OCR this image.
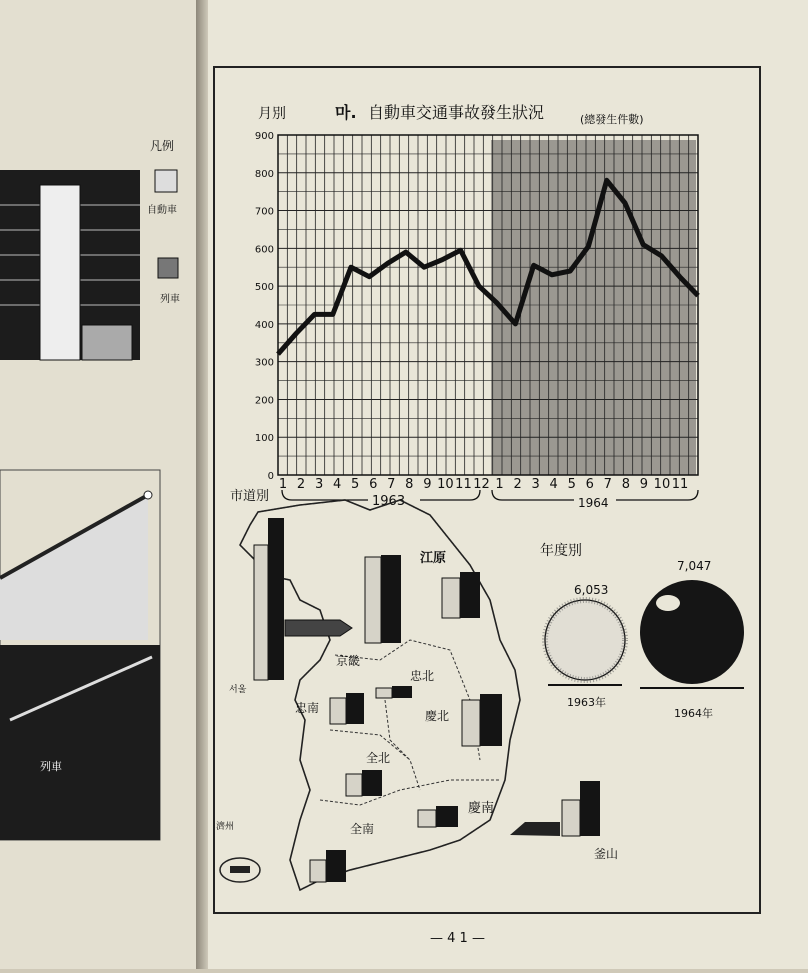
凡例
自動車
列車
列車
月別	마. 自動車交通事故發生狀況	(總發生件數)
900
800
700
600
500
400
300
200
100
0
1 2 3 4 5 6 7 8 9 10 11 12 1 2 3 4 5 6 7 8 9 10 11
1963	1964
市道別
서울
京畿
江原
忠北
忠南
慶北
全北
慶南
全南
釜山
濟州
年度別
6,053
1963年
7,047
1964年
— 4 1 —
